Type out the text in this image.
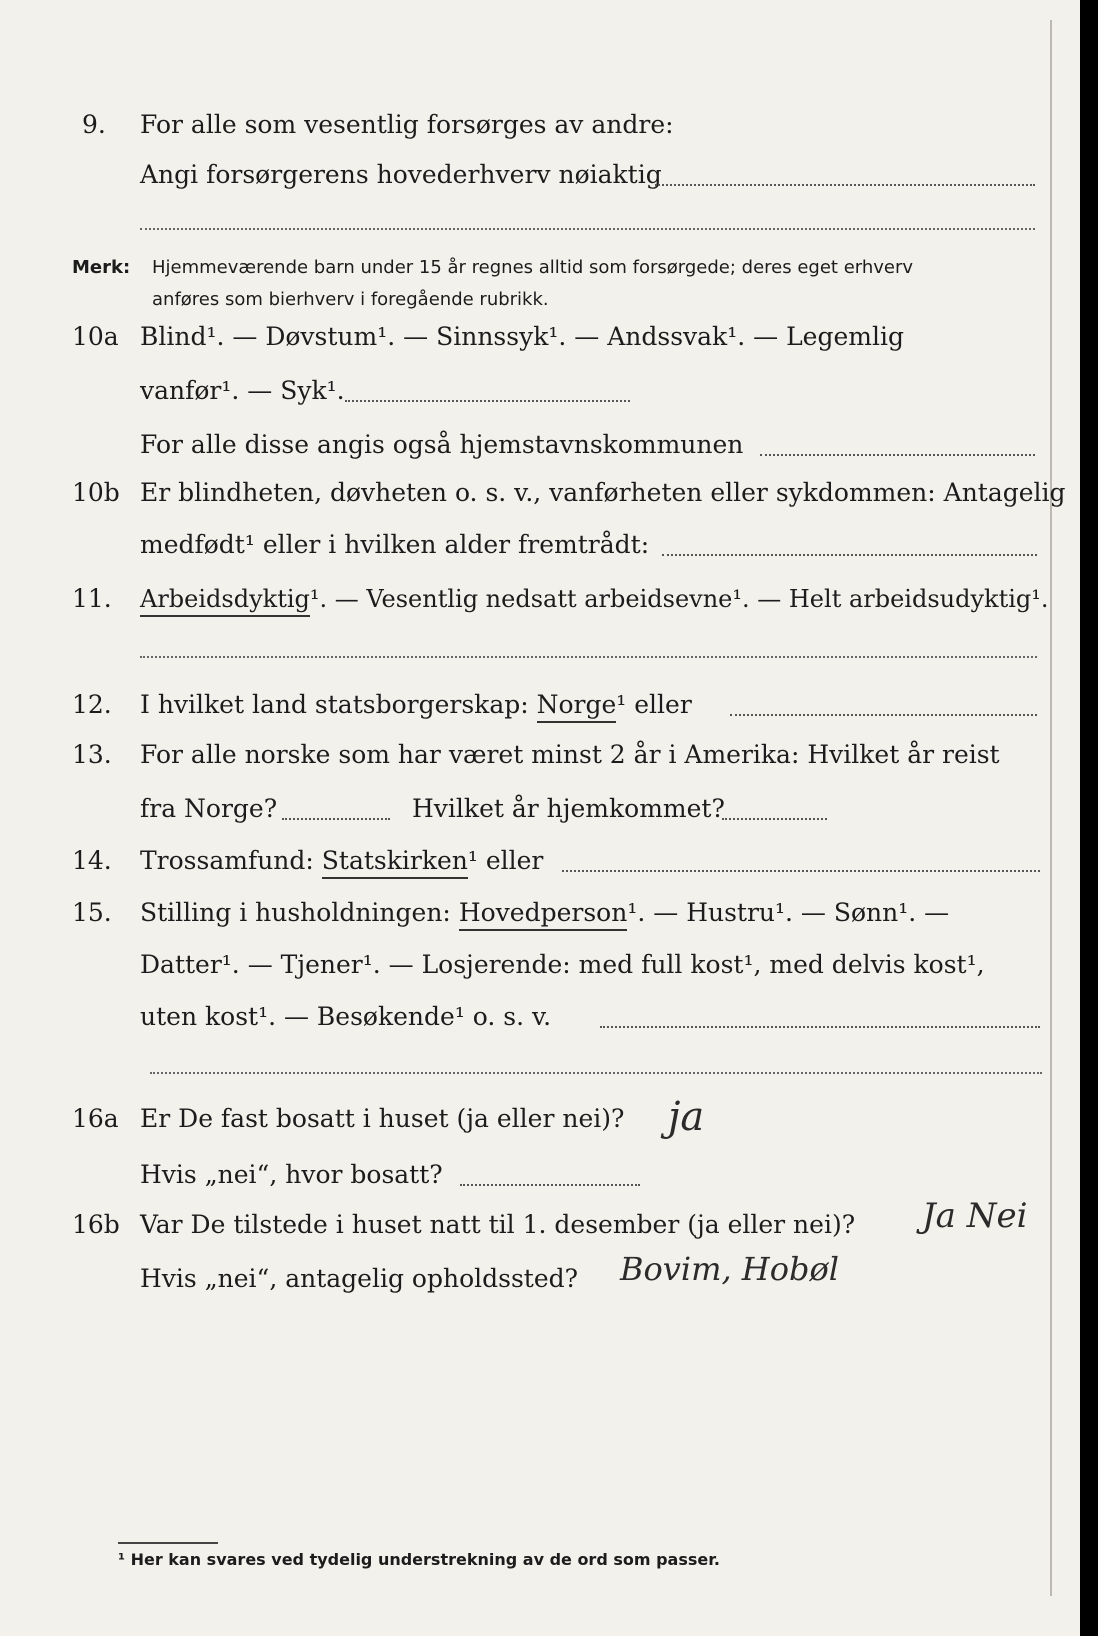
9. For alle som vesentlig forsørges av andre:
Angi forsørgerens hovederhverv nøiaktig
Merk: Hjemmeværende barn under 15 år regnes alltid som forsørgede; deres eget erhverv
anføres som bierhverv i foregående rubrikk.
10a Blind¹. — Døvstum¹. — Sinnssyk¹. — Andssvak¹. — Legemlig
vanfør¹. — Syk¹.
For alle disse angis også hjemstavnskommunen
10b Er blindheten, døvheten o. s. v., vanførheten eller sykdommen: Antagelig
medfødt¹ eller i hvilken alder fremtrådt:
11. Arbeidsdyktig¹. — Vesentlig nedsatt arbeidsevne¹. — Helt arbeidsudyktig¹.
12. I hvilket land statsborgerskap: Norge¹ eller
13. For alle norske som har været minst 2 år i Amerika: Hvilket år reist
fra Norge?	Hvilket år hjemkommet?
14. Trossamfund: Statskirken¹ eller
15. Stilling i husholdningen: Hovedperson¹. — Hustru¹. — Sønn¹. —
Datter¹. — Tjener¹. — Losjerende: med full kost¹, med delvis kost¹,
uten kost¹. — Besøkende¹ o. s. v.
16a Er De fast bosatt i huset (ja eller nei)? ja
Hvis „nei“, hvor bosatt?
16b Var De tilstede i huset natt til 1. desember (ja eller nei)? Ja Nei
Hvis „nei“, antagelig opholdssted? Bovim, Hobøl
¹ Her kan svares ved tydelig understrekning av de ord som passer.
